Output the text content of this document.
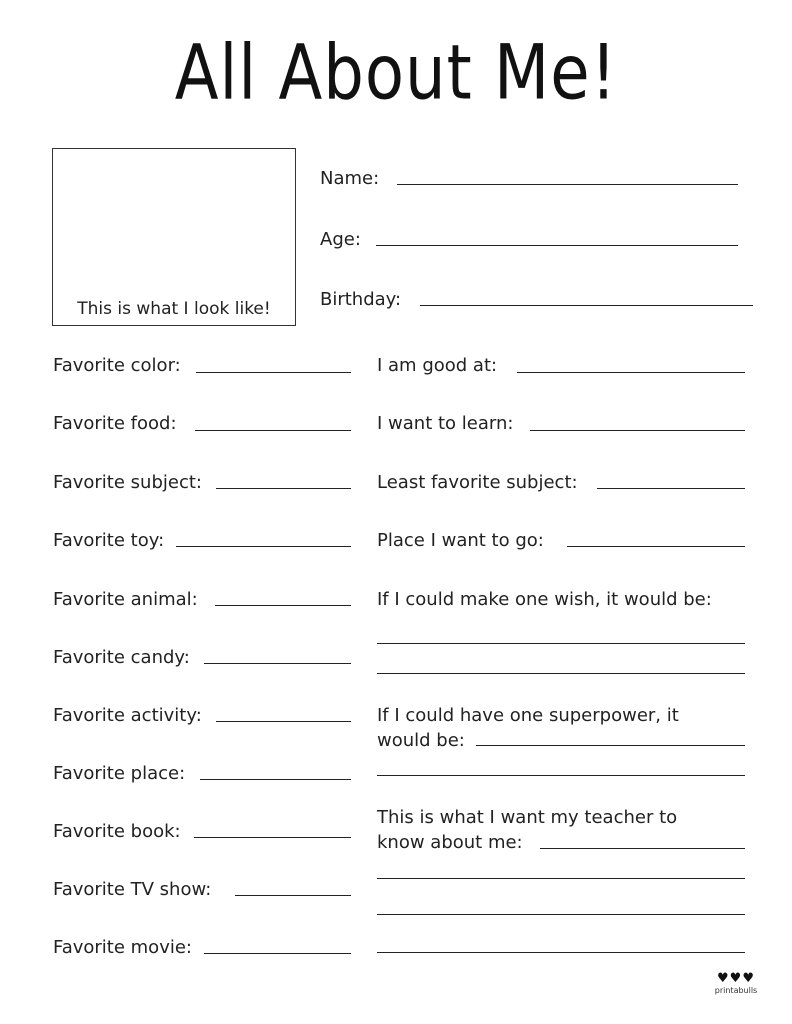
All About Me!
This is what I look like!
Name:
Age:
Birthday:
Favorite color:
Favorite food:
Favorite subject:
Favorite toy:
Favorite animal:
Favorite candy:
Favorite activity:
Favorite place:
Favorite book:
Favorite TV show:
Favorite movie:
I am good at:
I want to learn:
Least favorite subject:
Place I want to go:
If I could make one wish, it would be:
If I could have one superpower, it
would be:
This is what I want my teacher to
know about me:
♥♥♥
printabulls
